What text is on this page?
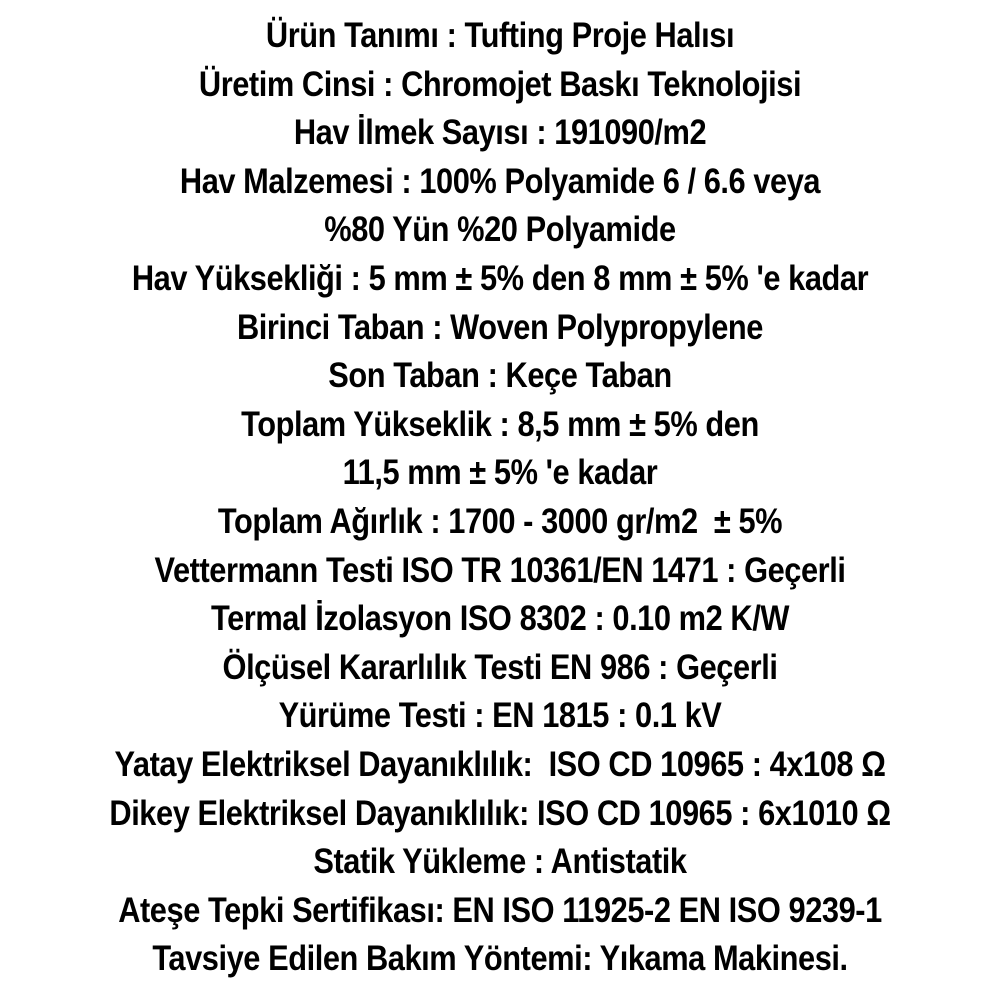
Ürün Tanımı : Tufting Proje Halısı
Üretim Cinsi : Chromojet Baskı Teknolojisi
Hav İlmek Sayısı : 191090/m2
Hav Malzemesi : 100% Polyamide 6 / 6.6 veya
%80 Yün %20 Polyamide
Hav Yüksekliği : 5 mm ± 5% den 8 mm ± 5% 'e kadar
Birinci Taban : Woven Polypropylene
Son Taban : Keçe Taban
Toplam Yükseklik : 8,5 mm ± 5% den
11,5 mm ± 5% 'e kadar
Toplam Ağırlık : 1700 - 3000 gr/m2  ± 5%
Vettermann Testi ISO TR 10361/EN 1471 : Geçerli
Termal İzolasyon ISO 8302 : 0.10 m2 K/W
Ölçüsel Kararlılık Testi EN 986 : Geçerli
Yürüme Testi : EN 1815 : 0.1 kV
Yatay Elektriksel Dayanıklılık:  ISO CD 10965 : 4x108 Ω
Dikey Elektriksel Dayanıklılık: ISO CD 10965 : 6x1010 Ω
Statik Yükleme : Antistatik
Ateşe Tepki Sertifikası: EN ISO 11925-2 EN ISO 9239-1
Tavsiye Edilen Bakım Yöntemi: Yıkama Makinesi.
